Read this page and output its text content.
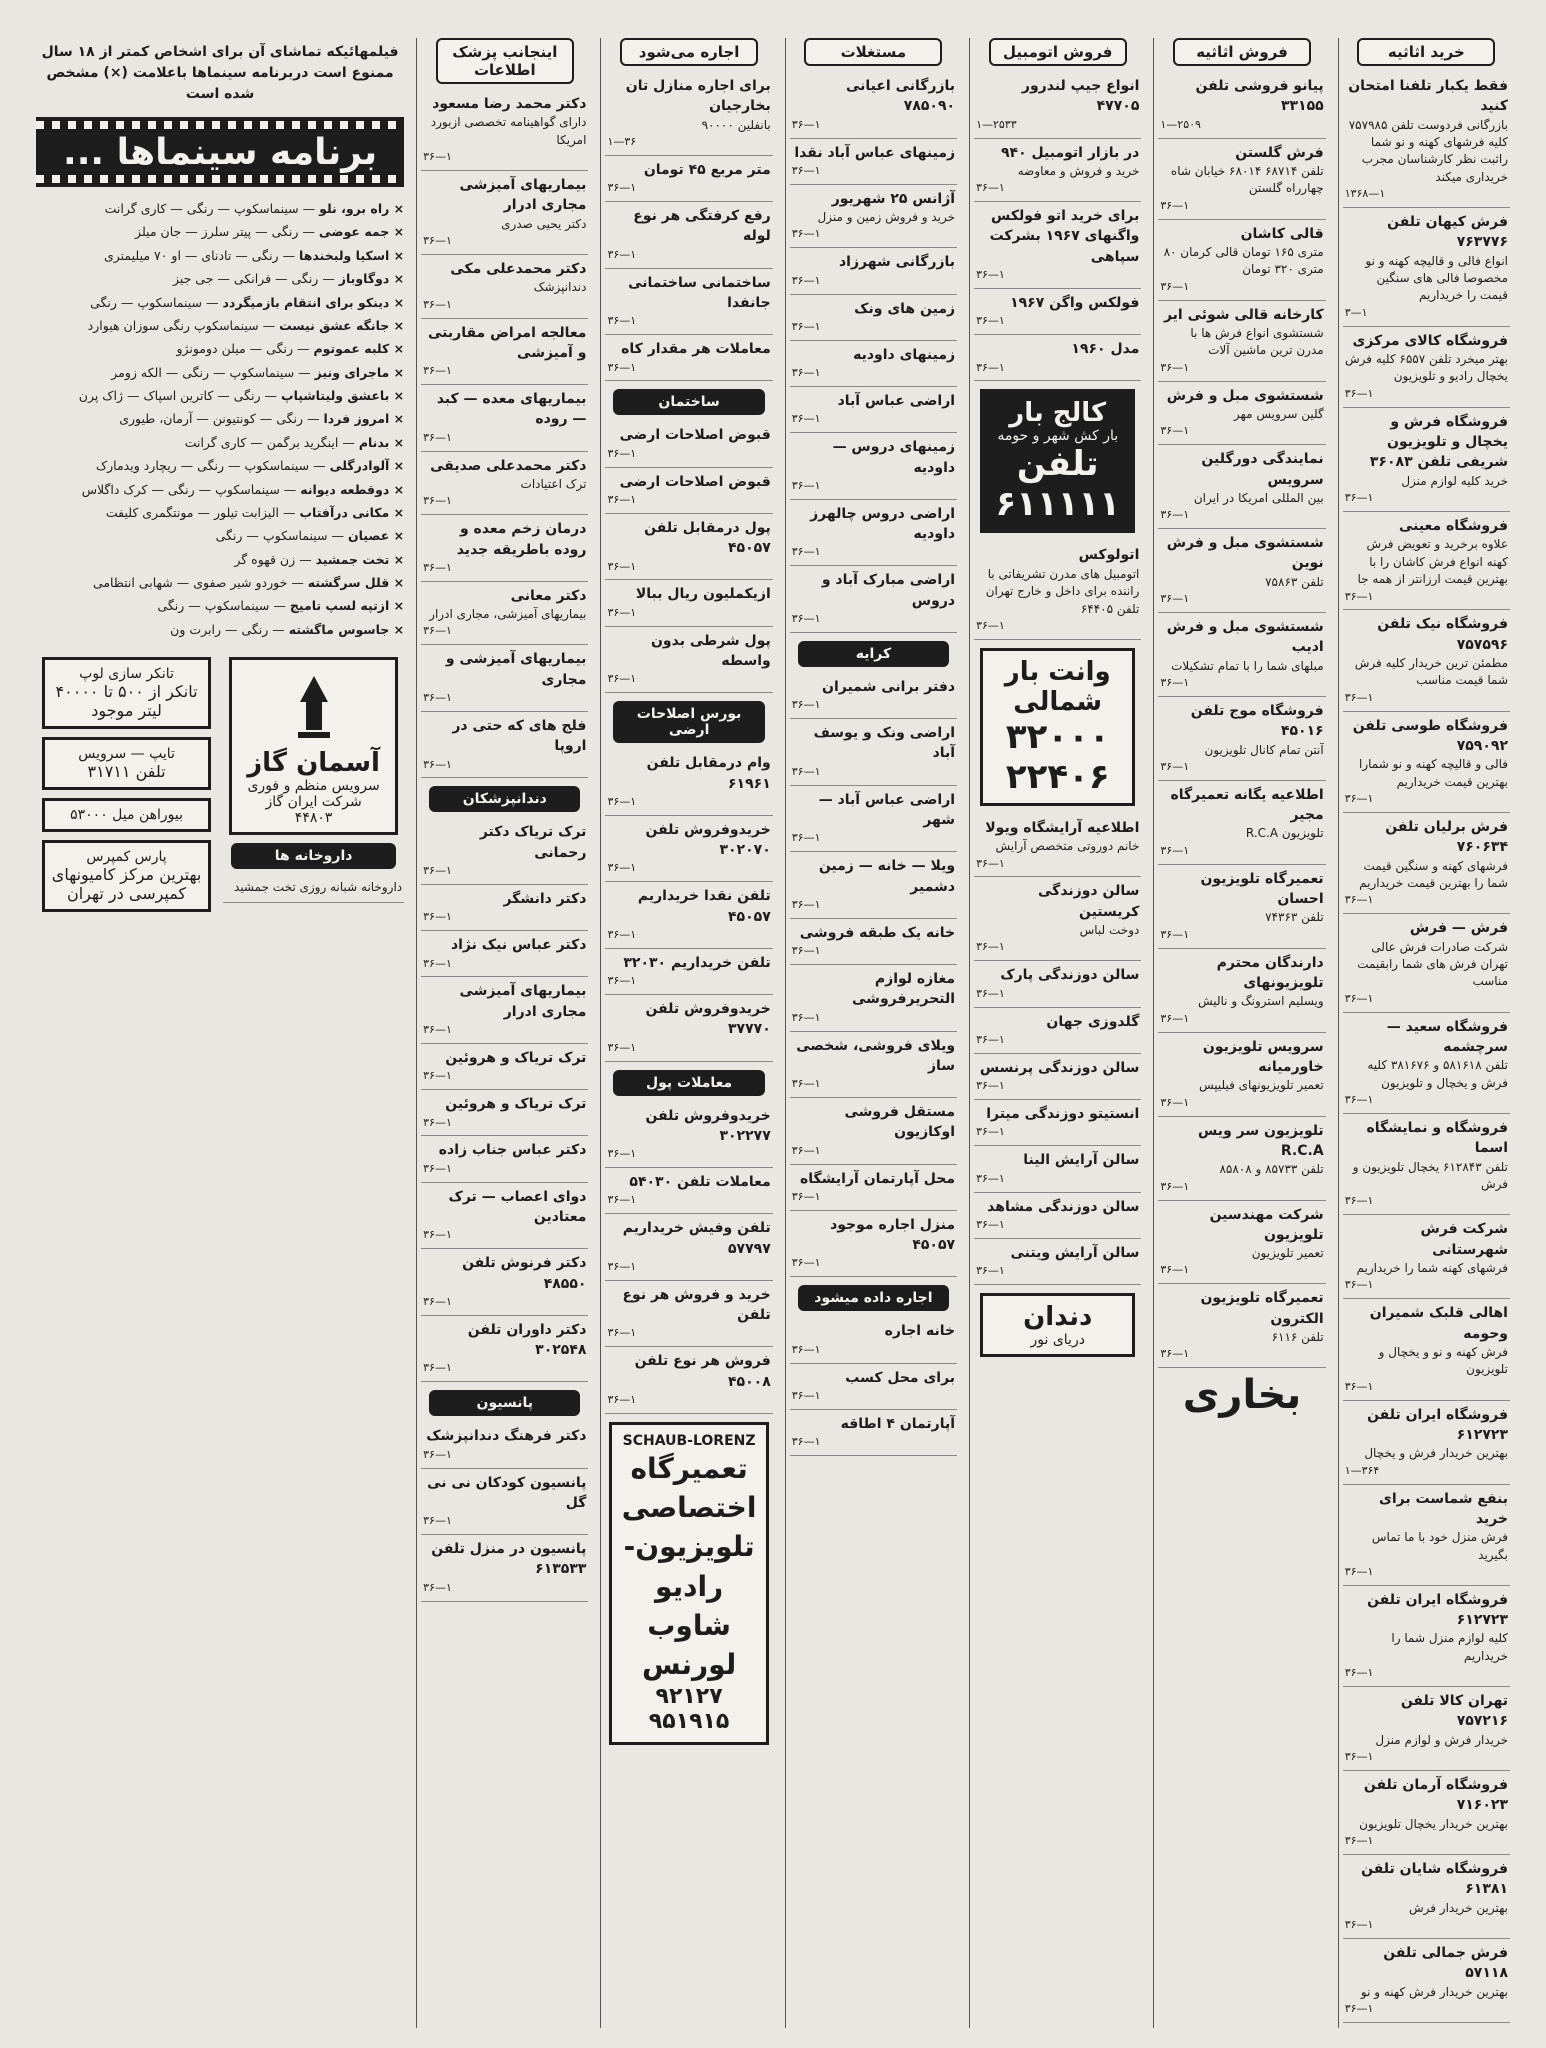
خرید اثاثیه
فقط یکبار تلفنا امتحان کنید
بازرگانی فردوست تلفن ۷۵۷۹۸۵ کلیه فرشهای کهنه و نو شما راثبت نظر کارشناسان مجرب خریداری میکند
۱۳۶۸—۱
فرش کیهان تلفن ۷۶۳۷۷۶
انواع فالی و قالیچه کهنه و نو مخصوصا فالی های سنگین قیمت را خریداریم
۳—۱
فروشگاه کالای مرکزی
بهتر میخرد تلفن ۶۵۵۷ کلیه فرش یخچال رادیو و تلویزیون
۳۶—۱
فروشگاه فرش و یخچال و تلویزیون شریفی تلفن ۳۶۰۸۳
خرید کلیه لوازم منزل
۳۶—۱
فروشگاه معینی
علاوه برخرید و تعویض فرش کهنه انواع فرش کاشان را با بهترین قیمت ارزانتر از همه جا
۳۶—۱
فروشگاه نیک تلفن ۷۵۷۵۹۶
مطمئن ترین خریدار کلیه فرش شما قیمت مناسب
۳۶—۱
فروشگاه طوسی تلفن ۷۵۹۰۹۲
فالی و قالیچه کهنه و نو شمارا بهترین قیمت خریداریم
۳۶—۱
فرش برلیان تلفن ۷۶۰۶۳۴
فرشهای کهنه و سنگین قیمت شما را بهترین قیمت خریداریم
۳۶—۱
فرش — فرش
شرکت صادرات فرش عالی تهران فرش های شما رابقیمت مناسب
۳۶—۱
فروشگاه سعید — سرچشمه
تلفن ۵۸۱۶۱۸ و ۳۸۱۶۷۶ کلیه فرش و یخچال و تلویزیون
۳۶—۱
فروشگاه و نمایشگاه اسما
تلفن ۶۱۲۸۴۳ یخچال تلویزیون و فرش
۳۶—۱
شرکت فرش شهرستانی
فرشهای کهنه شما را خریداریم
۳۶—۱
اهالی قلبک شمیران وحومه
فرش کهنه و نو و یخچال و تلویزیون
۳۶—۱
فروشگاه ایران تلفن ۶۱۲۷۲۳
بهترین خریدار فرش و یخچال
۱—۳۶۴
بنفع شماست برای خرید
فرش منزل خود با ما تماس بگیرید
۳۶—۱
فروشگاه ایران تلفن ۶۱۲۷۲۳
کلیه لوازم منزل شما را خریداریم
۳۶—۱
تهران کالا تلفن ۷۵۷۲۱۶
خریدار فرش و لوازم منزل
۳۶—۱
فروشگاه آرمان تلفن ۷۱۶۰۲۳
بهترین خریدار یخچال تلویزیون
۳۶—۱
فروشگاه شایان تلفن ۶۱۳۸۱
بهترین خریدار فرش
۳۶—۱
فرش جمالی تلفن ۵۷۱۱۸
بهترین خریدار فرش کهنه و نو
۳۶—۱
فروش اثاثیه
پیانو فروشی تلفن ۳۳۱۵۵
۱—۲۵۰۹
فرش گلستن
تلفن ۶۸۷۱۴ ۶۸۰۱۴ خیابان شاه چهارراه گلستن
۳۶—۱
قالی کاشان
متری ۱۶۵ تومان قالی کرمان ۸۰ متری ۳۲۰ تومان
۳۶—۱
کارخانه قالی شوئی ایر
شستشوی انواع فرش ها با مدرن ترین ماشین آلات
۳۶—۱
شستشوی مبل و فرش
گلین سرویس مهر
۳۶—۱
نمایندگی دورگلین سرویس
بین المللی امریکا در ایران
۳۶—۱
شستشوی مبل و فرش نوین
تلفن ۷۵۸۶۳
۳۶—۱
شستشوی مبل و فرش ادیب
مبلهای شما را با تمام تشکیلات
۳۶—۱
فروشگاه موج تلفن ۴۵۰۱۶
آنتن تمام کانال تلویزیون
۳۶—۱
اطلاعیه یگانه تعمیرگاه مجیر
تلویزیون R.C.A
۳۶—۱
تعمیرگاه تلویزیون احسان
تلفن ۷۴۳۶۳
۳۶—۱
دارندگان محترم تلویزیونهای
ویسلیم استرونگ و نالیش
۳۶—۱
سرویس تلویزیون خاورمیانه
تعمیر تلویزیونهای فیلیپس
۳۶—۱
تلویزیون سر ویس R.C.A
تلفن ۸۵۷۳۳ و ۸۵۸۰۸
۳۶—۱
شرکت مهندسین تلویزیون
تعمیر تلویزیون
۳۶—۱
تعمیرگاه تلویزیون الکترون
تلفن ۶۱۱۶
۳۶—۱
بخاری
فروش اتومبیل
انواع جیپ لندرور ۴۷۷۰۵
۱—۲۵۳۳
در بازار اتومبیل ۹۴۰
خرید و فروش و معاوضه
۳۶—۱
برای خرید اتو فولکس واگنهای ۱۹۶۷ بشرکت سپاهی
۳۶—۱
فولکس واگن ۱۹۶۷
۳۶—۱
مدل ۱۹۶۰
۳۶—۱
کالج بار
بار کش شهر و حومه
تلفن ۶۱۱۱۱۱
اتولوکس
اتومبیل های مدرن تشریفاتی با راننده برای داخل و خارج تهران تلفن ۶۴۴۰۵
۳۶—۱
وانت بار شمالی
۳۲۰۰۰ ۲۲۴۰۶
اطلاعیه آرایشگاه ویولا
خانم دوروتی متخصص آرایش
۳۶—۱
سالن دوزندگی کریستین
دوخت لباس
۳۶—۱
سالن دوزندگی پارک
۳۶—۱
گلدوزی جهان
۳۶—۱
سالن دوزندگی پرنسس
۳۶—۱
انستیتو دوزندگی میترا
۳۶—۱
سالن آرایش الینا
۳۶—۱
سالن دوزندگی مشاهد
۳۶—۱
سالن آرایش ویتنی
۳۶—۱
دندان
دریای نور
مستغلات
بازرگانی اعیانی ۷۸۵۰۹۰
۳۶—۱
زمینهای عباس آباد نقدا
۳۶—۱
آژانس ۲۵ شهریور
خرید و فروش زمین و منزل
۳۶—۱
بازرگانی شهرزاد
۳۶—۱
زمین های ونک
۳۶—۱
زمینهای داودیه
۳۶—۱
اراضی عباس آباد
۳۶—۱
زمینهای دروس — داودیه
۳۶—۱
اراضی دروس چالهرز داودیه
۳۶—۱
اراضی مبارک آباد و دروس
۳۶—۱
کرایه
دفتر برانی شمیران
۳۶—۱
اراضی ونک و یوسف آباد
۳۶—۱
اراضی عباس آباد — شهر
۳۶—۱
ویلا — خانه — زمین دشمیر
۳۶—۱
خانه یک طبقه فروشی
۳۶—۱
مغازه لوازم التحریرفروشی
۳۶—۱
ویلای فروشی، شخصی ساز
۳۶—۱
مستقل فروشی اوکازیون
۳۶—۱
محل آپارتمان آرایشگاه
۳۶—۱
منزل اجاره موجود ۴۵۰۵۷
۳۶—۱
اجاره داده میشود
خانه اجاره
۳۶—۱
برای محل کسب
۳۶—۱
آپارتمان ۴ اطاقه
۳۶—۱
اجاره می‌شود
برای اجاره منازل تان بخارجیان
بانفلین ۹۰۰۰۰
۱—۳۶
متر مربع ۴۵ تومان
۳۶—۱
رفع کرفتگی هر نوع لوله
۳۶—۱
ساختمانی ساختمانی جانفدا
۳۶—۱
معاملات هر مقدار کاه
۳۶—۱
ساختمان
قبوض اصلاحات ارضی
۳۶—۱
قبوض اصلاحات ارضی
۳۶—۱
پول درمقابل تلفن ۴۵۰۵۷
۳۶—۱
ازیکملیون ریال ببالا
۳۶—۱
پول شرطی بدون واسطه
۳۶—۱
بورس اصلاحات ارضی
وام درمقابل تلفن ۶۱۹۶۱
۳۶—۱
خریدوفروش تلفن ۳۰۲۰۷۰
۳۶—۱
تلفن نقدا خریداریم ۴۵۰۵۷
۳۶—۱
تلفن خریداریم ۳۲۰۳۰
۳۶—۱
خریدوفروش تلفن ۳۷۷۷۰
۳۶—۱
معاملات پول
خریدوفروش تلفن ۳۰۲۲۷۷
۳۶—۱
معاملات تلفن ۵۴۰۳۰
۳۶—۱
تلفن وفیش خریداریم ۵۷۷۹۷
۳۶—۱
خرید و فروش هر نوع تلفن
۳۶—۱
فروش هر نوع تلفن ۴۵۰۰۸
۳۶—۱
SCHAUB-LORENZ
تعمیرگاه اختصاصی تلویزیون-رادیو شاوب لورنس
۹۲۱۲۷ ۹۵۱۹۱۵
اینجانب پزشک اطلاعات
دکتر محمد رضا مسعود
دارای گواهینامه تخصصی ازبورد امریکا
۳۶—۱
بیماریهای آمیزشی مجاری ادرار
دکتر یحیی صدری
۳۶—۱
دکتر محمدعلی مکی
دندانپزشک
۳۶—۱
معالجه امراض مقاربتی و آمیزشی
۳۶—۱
بیماریهای معده — کبد — روده
۳۶—۱
دکتر محمدعلی صدیقی
ترک اعتیادات
۳۶—۱
درمان زخم معده و روده باطریقه جدید
۳۶—۱
دکتر معانی
بیماریهای آمیزشی، مجاری ادرار
۳۶—۱
بیماریهای آمیزشی و مجاری
۳۶—۱
فلج های که حتی در اروپا
۳۶—۱
دندانپزشکان
ترک تریاک دکتر رحمانی
۳۶—۱
دکتر دانشگر
۳۶—۱
دکتر عباس نیک نژاد
۳۶—۱
بیماریهای آمیزشی مجاری ادرار
۳۶—۱
ترک تریاک و هروئین
۳۶—۱
ترک تریاک و هروئین
۳۶—۱
دکتر عباس جناب زاده
۳۶—۱
دوای اعصاب — ترک معتادین
۳۶—۱
دکتر فرنوش تلفن ۴۸۵۵۰
۳۶—۱
دکتر داوران تلفن ۳۰۲۵۴۸
۳۶—۱
پانسیون
دکتر فرهنگ دندانپزشک
۳۶—۱
پانسیون کودکان نی نی گل
۳۶—۱
پانسیون در منزل تلفن ۶۱۳۵۳۳
۳۶—۱
فیلمهائیکه تماشای آن برای اشخاص کمتر از ۱۸ سال ممنوع است دربرنامه سینماها باعلامت (×) مشخص شده است
برنامه سینماها ...
× راه برو، نلو — سینماسکوپ — رنگی — کاری گرانت
× جمه عوضی — رنگی — پیتر سلرز — جان میلز
× اسکیا ولبخندها — رنگی — تادنای — او ۷۰ میلیمتری
× دوگاوباز — رنگی — فرانکی — جی جیز
× دینکو برای انتقام بازمیگردد — سینماسکوپ — رنگی
× جانگه عشق نیست — سینماسکوپ رنگی سوزان هیوارد
× کلبه عموتوم — رنگی — میلن دومونژو
× ماجرای ونیز — سینماسکوپ — رنگی — الکه زومر
× باعشق ولیتاشپاپ — رنگی — کاترین اسپاک — ژاک پرن
× امروز فردا — رنگی — کونتیونن — آرمان، طیوری
× بدنام — اینگرید برگمن — کاری گرانت
× آلوادرگلی — سینماسکوپ — رنگی — ریچارد ویدمارک
× دوقطعه دیوانه — سینماسکوپ — رنگی — کرک داگلاس
× مکانی درآفتاب — الیزابت تیلور — مونتگمری کلیفت
× عصیان — سینماسکوپ — رنگی
× تخت جمشید — زن قهوه گر
× قلل سرگشته — خوردو شیر صفوی — شهابی انتظامی
× ازتپه لسپ تامیج — سینماسکوپ — رنگی
× جاسوس ماگشته — رنگی — رابرت ون
آسمان گاز
سرویس منظم و فوری شرکت ایران گاز
۴۴۸۰۳
داروخانه ها
داروخانه شبانه روزی تخت جمشید
تانکر سازی لوپ
تانکر از ۵۰۰ تا ۴۰۰۰۰ لیتر موجود
تایپ — سرویس
تلفن ۳۱۷۱۱
بیوراهن میل ۵۳۰۰۰
پارس کمپرس
بهترین مرکز کامیونهای کمپرسی در تهران
